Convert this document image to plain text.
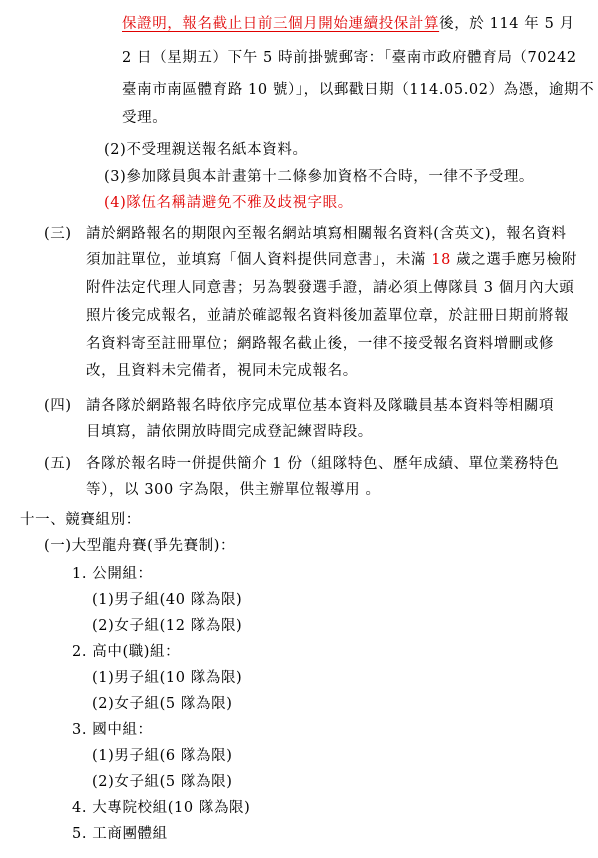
保證明，報名截止日前三個月開始連續投保計算後，於 114 年 5 月
2 日（星期五）下午 5 時前掛號郵寄：「臺南市政府體育局（70242
臺南市南區體育路 10 號）」，以郵戳日期（114.05.02）為憑，逾期不
受理。
(2)不受理親送報名紙本資料。
(3)參加隊員與本計畫第十二條參加資格不合時，一律不予受理。
(4)隊伍名稱請避免不雅及歧視字眼。
(三) 請於網路報名的期限內至報名網站填寫相關報名資料(含英文)，報名資料
須加註單位，並填寫「個人資料提供同意書」，未滿 18 歲之選手應另檢附
附件法定代理人同意書；另為製發選手證，請必須上傳隊員 3 個月內大頭
照片後完成報名，並請於確認報名資料後加蓋單位章，於註冊日期前將報
名資料寄至註冊單位；網路報名截止後，一律不接受報名資料增刪或修
改，且資料未完備者，視同未完成報名。
(四) 請各隊於網路報名時依序完成單位基本資料及隊職員基本資料等相關項
目填寫，請依開放時間完成登記練習時段。
(五) 各隊於報名時一併提供簡介 1 份（組隊特色、歷年成績、單位業務特色
等），以 300 字為限，供主辦單位報導用 。
十一、競賽組別：
(一)大型龍舟賽(爭先賽制)：
1. 公開組：
(1)男子組(40 隊為限)
(2)女子組(12 隊為限)
2. 高中(職)組：
(1)男子組(10 隊為限)
(2)女子組(5 隊為限)
3. 國中組：
(1)男子組(6 隊為限)
(2)女子組(5 隊為限)
4. 大專院校組(10 隊為限)
5. 工商團體組
